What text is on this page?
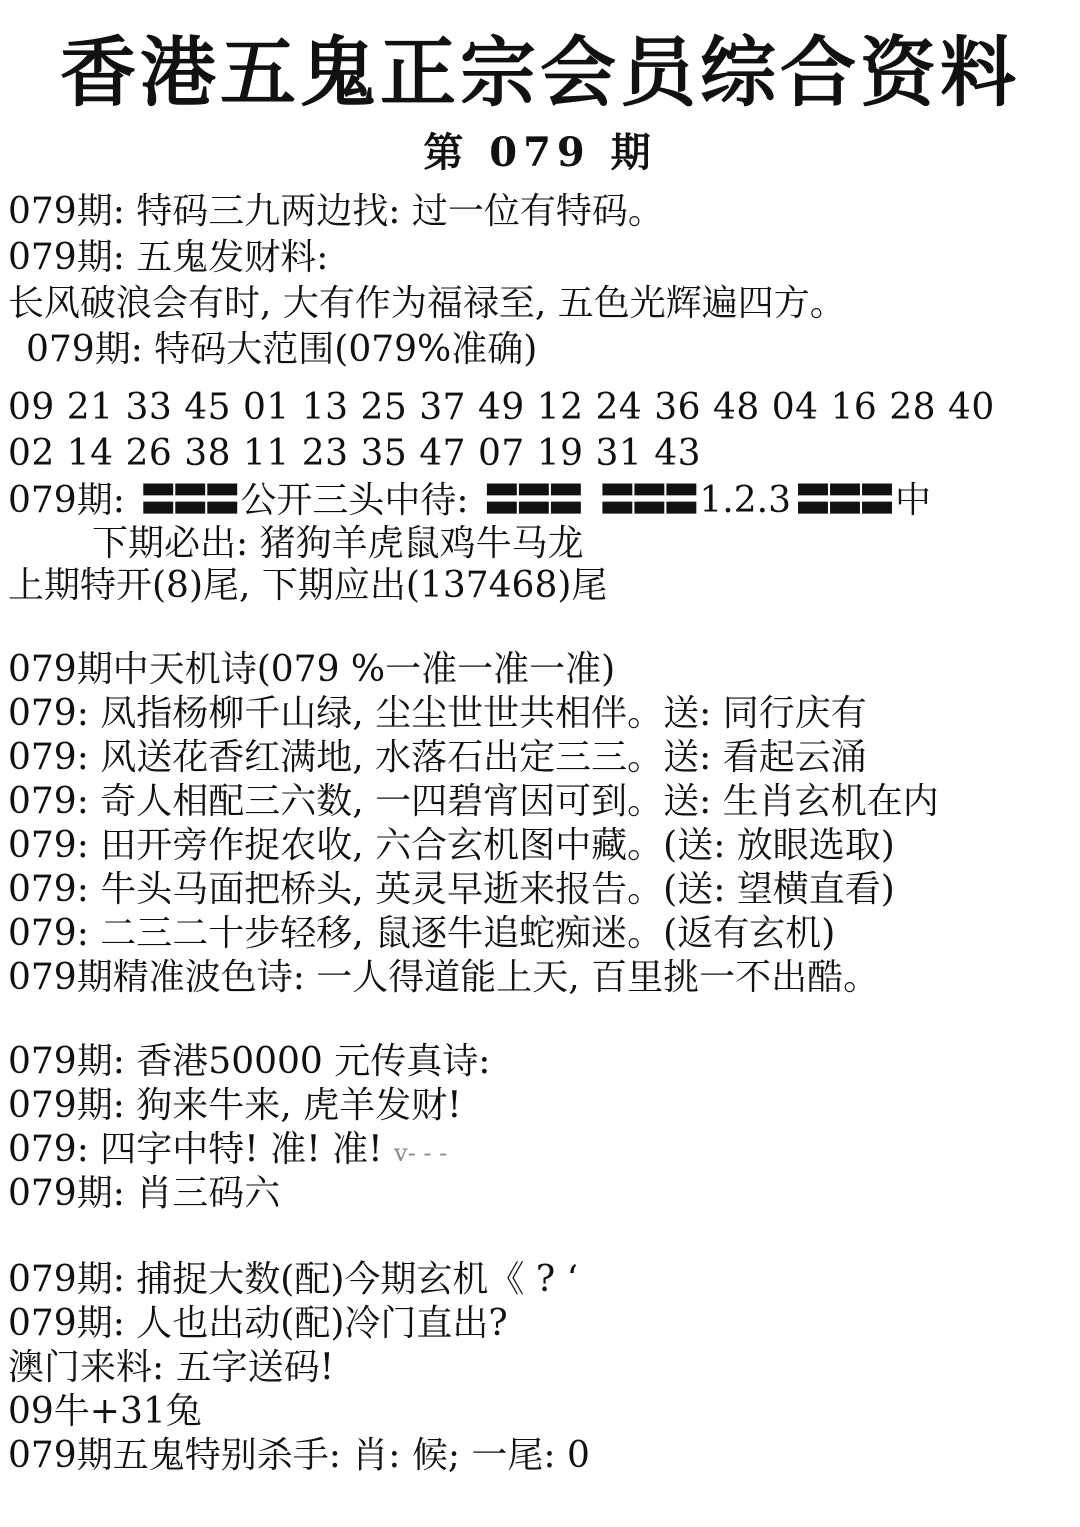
香港五鬼正宗会员综合资料
第 079 期
079期: 特码三九两边找: 过一位有特码。
079期: 五鬼发财料:
长风破浪会有时, 大有作为福禄至, 五色光辉遍四方。
079期: 特码大范围(079%准确)
09 21 33 45 01 13 25 37 49 12 24 36 48 04 16 28 40
02 14 26 38 11 23 35 47 07 19 31 43
079期: 〓〓〓 公开三头中待: 〓〓〓 〓〓〓 1.2.3 〓〓〓 中
下期必出: 猪狗羊虎鼠鸡牛马龙
上期特开(8)尾, 下期应出(137468)尾
079期中天机诗(079 %一准一准一准)
079: 凤指杨柳千山绿, 尘尘世世共相伴。送: 同行庆有
079: 风送花香红满地, 水落石出定三三。送: 看起云涌
079: 奇人相配三六数, 一四碧宵因可到。送: 生肖玄机在内
079: 田开旁作捉农收, 六合玄机图中藏。(送: 放眼选取)
079: 牛头马面把桥头, 英灵早逝来报告。(送: 望横直看)
079: 二三二十步轻移, 鼠逐牛追蛇痴迷。(返有玄机)
079期精准波色诗: 一人得道能上天, 百里挑一不出酷。
079期: 香港50000 元传真诗:
079期: 狗来牛来, 虎羊发财!
079: 四字中特! 准! 准! v- - -
079期: 肖三码六
079期: 捕捉大数(配)今期玄机《 ? ‘
079期: 人也出动(配)冷门直出?
澳门来料: 五字送码!
09牛+31兔
079期五鬼特别杀手: 肖: 候; 一尾: 0
